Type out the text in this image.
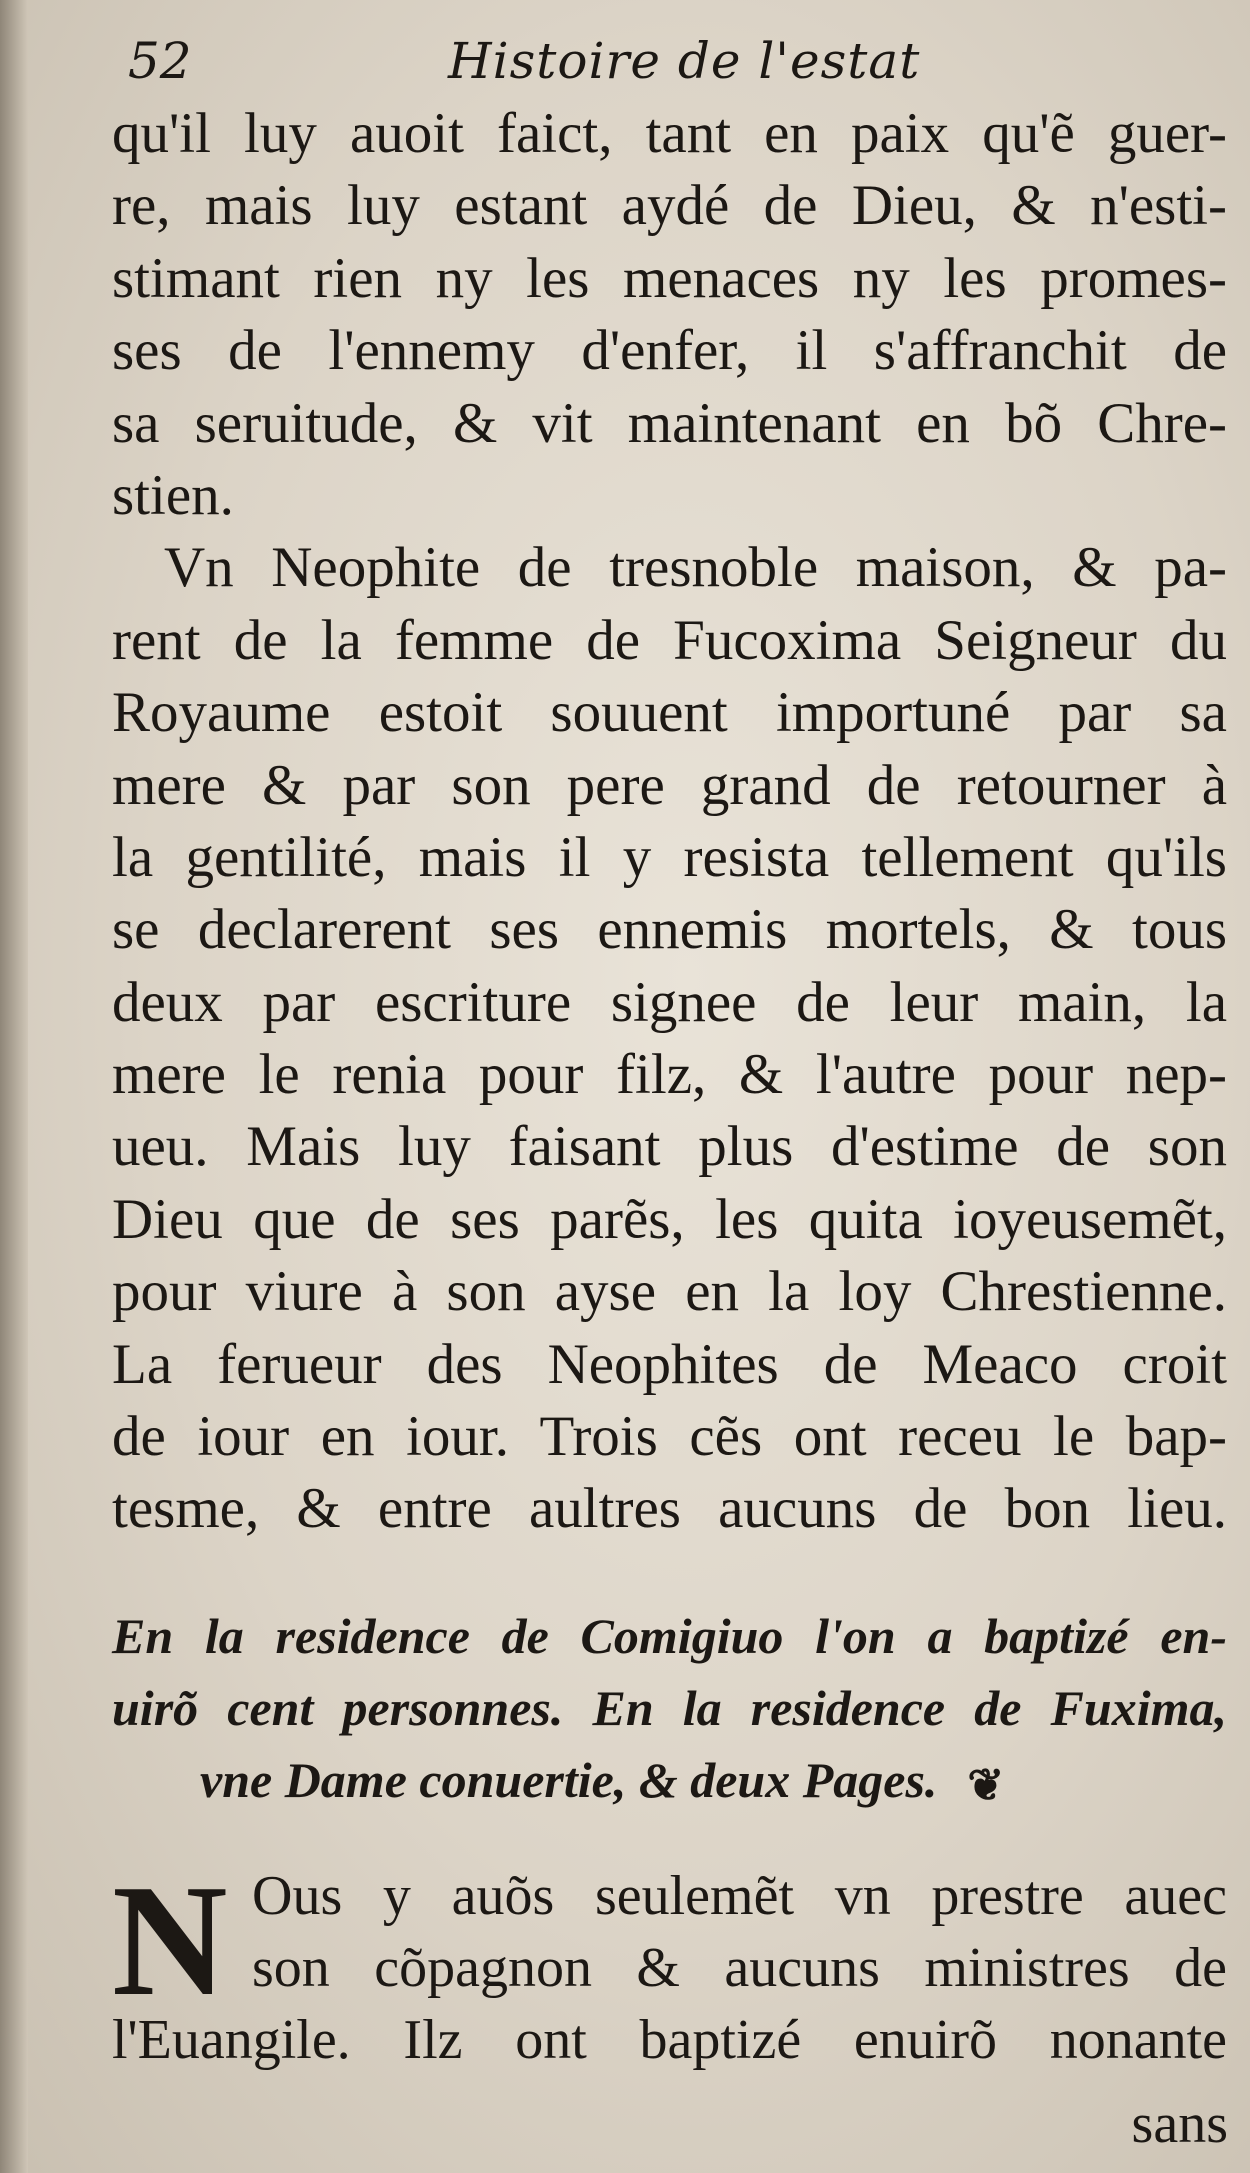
52	Histoire de l'estat
qu'il luy auoit faict, tant en paix qu'ẽ guer-
re, mais luy estant aydé de Dieu, & n'esti-
stimant rien ny les menaces ny les promes-
ses de l'ennemy d'enfer, il s'affranchit de
sa seruitude, & vit maintenant en bõ Chre-
stien.
Vn Neophite de tresnoble maison, & pa-
rent de la femme de Fucoxima Seigneur du
Royaume estoit souuent importuné par sa
mere & par son pere grand de retourner à
la gentilité, mais il y resista tellement qu'ils
se declarerent ses ennemis mortels, & tous
deux par escriture signee de leur main, la
mere le renia pour filz, & l'autre pour nep-
ueu. Mais luy faisant plus d'estime de son
Dieu que de ses parẽs, les quita ioyeusemẽt,
pour viure à son ayse en la loy Chrestienne.
La ferueur des Neophites de Meaco croit
de iour en iour. Trois cẽs ont receu le bap-
tesme, & entre aultres aucuns de bon lieu.
En la residence de Comigiuo l'on a baptizé en-
uirõ cent personnes. En la residence de Fuxima,
vne Dame conuertie, & deux Pages. ❦
N Ous y auõs seulemẽt vn prestre auec
son cõpagnon & aucuns ministres de
l'Euangile. Ilz ont baptizé enuirõ nonante
sans
